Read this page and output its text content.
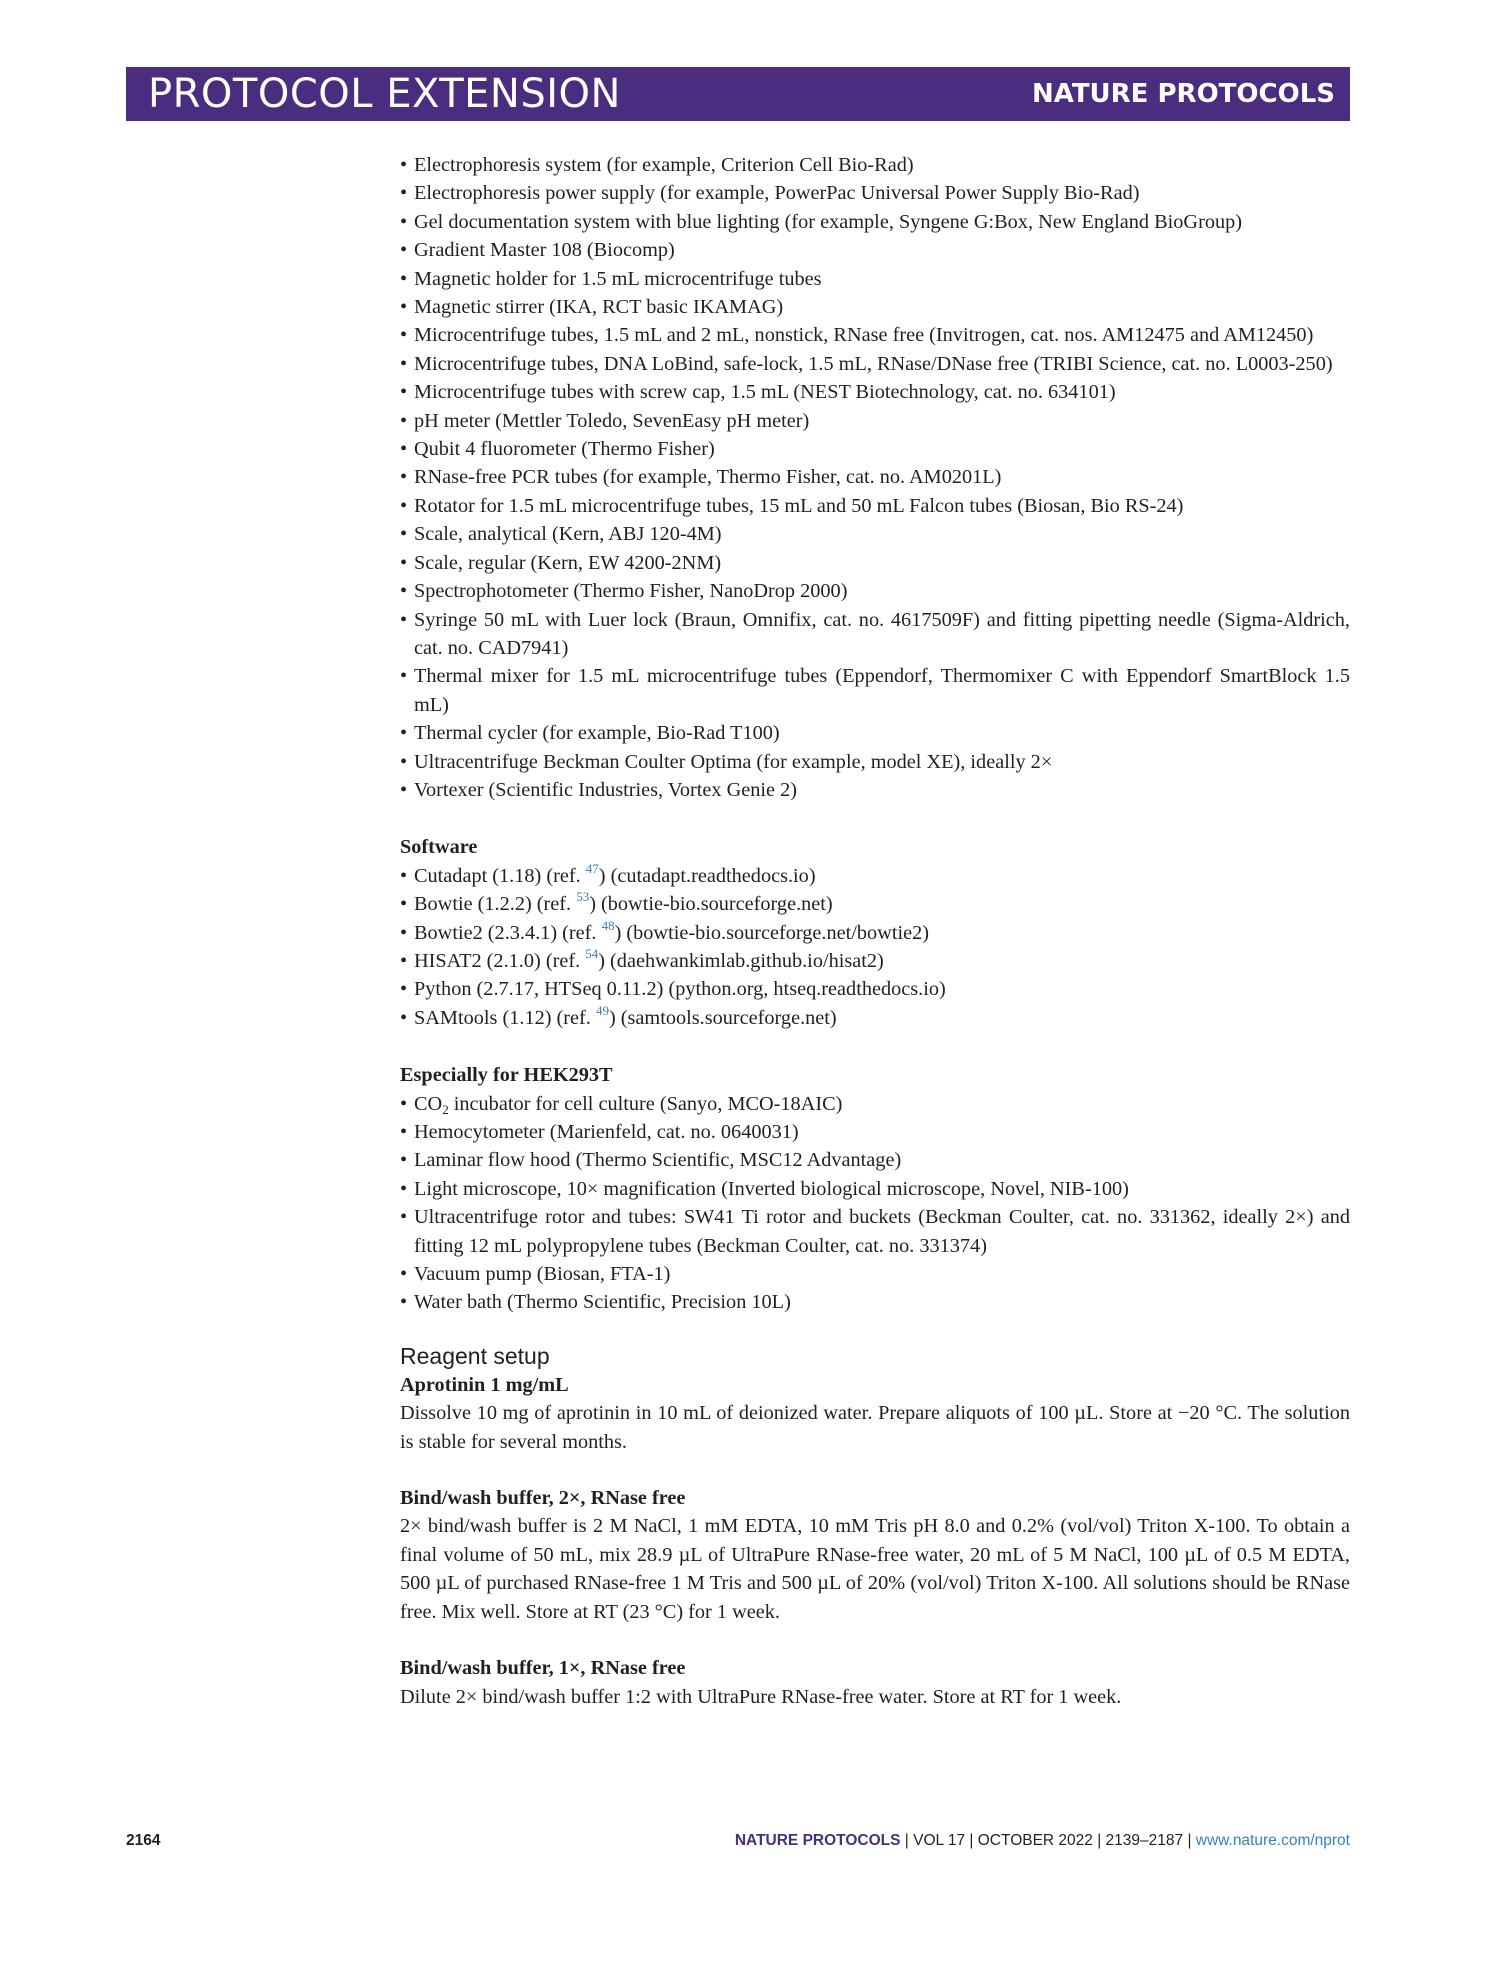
PROTOCOL EXTENSION	NATURE PROTOCOLS
• Electrophoresis system (for example, Criterion Cell Bio-Rad)
• Electrophoresis power supply (for example, PowerPac Universal Power Supply Bio-Rad)
• Gel documentation system with blue lighting (for example, Syngene G:Box, New England BioGroup)
• Gradient Master 108 (Biocomp)
• Magnetic holder for 1.5 mL microcentrifuge tubes
• Magnetic stirrer (IKA, RCT basic IKAMAG)
• Microcentrifuge tubes, 1.5 mL and 2 mL, nonstick, RNase free (Invitrogen, cat. nos. AM12475 and AM12450)
• Microcentrifuge tubes, DNA LoBind, safe-lock, 1.5 mL, RNase/DNase free (TRIBI Science, cat. no. L0003-250)
• Microcentrifuge tubes with screw cap, 1.5 mL (NEST Biotechnology, cat. no. 634101)
• pH meter (Mettler Toledo, SevenEasy pH meter)
• Qubit 4 fluorometer (Thermo Fisher)
• RNase-free PCR tubes (for example, Thermo Fisher, cat. no. AM0201L)
• Rotator for 1.5 mL microcentrifuge tubes, 15 mL and 50 mL Falcon tubes (Biosan, Bio RS-24)
• Scale, analytical (Kern, ABJ 120-4M)
• Scale, regular (Kern, EW 4200-2NM)
• Spectrophotometer (Thermo Fisher, NanoDrop 2000)
• Syringe 50 mL with Luer lock (Braun, Omnifix, cat. no. 4617509F) and fitting pipetting needle (Sigma-Aldrich, cat. no. CAD7941)
• Thermal mixer for 1.5 mL microcentrifuge tubes (Eppendorf, Thermomixer C with Eppendorf SmartBlock 1.5 mL)
• Thermal cycler (for example, Bio-Rad T100)
• Ultracentrifuge Beckman Coulter Optima (for example, model XE), ideally 2×
• Vortexer (Scientific Industries, Vortex Genie 2)
Software
• Cutadapt (1.18) (ref. $^{47}$) (cutadapt.readthedocs.io)
• Bowtie (1.2.2) (ref. $^{53}$) (bowtie-bio.sourceforge.net)
• Bowtie2 (2.3.4.1) (ref. $^{48}$) (bowtie-bio.sourceforge.net/bowtie2)
• HISAT2 (2.1.0) (ref. $^{54}$) (daehwankimlab.github.io/hisat2)
• Python (2.7.17, HTSeq 0.11.2) (python.org, htseq.readthedocs.io)
• SAMtools (1.12) (ref. $^{49}$) (samtools.sourceforge.net)
Especially for HEK293T
• $CO_2$ incubator for cell culture (Sanyo, MCO-18AIC)
• Hemocytometer (Marienfeld, cat. no. 0640031)
• Laminar flow hood (Thermo Scientific, MSC12 Advantage)
• Light microscope, 10× magnification (Inverted biological microscope, Novel, NIB-100)
• Ultracentrifuge rotor and tubes: SW41 Ti rotor and buckets (Beckman Coulter, cat. no. 331362, ideally 2×) and fitting 12 mL polypropylene tubes (Beckman Coulter, cat. no. 331374)
• Vacuum pump (Biosan, FTA-1)
• Water bath (Thermo Scientific, Precision 10L)
Reagent setup
Aprotinin 1 mg/mL
Dissolve 10 mg of aprotinin in 10 mL of deionized water. Prepare aliquots of 100 µL. Store at −20 °C. The solution is stable for several months.
Bind/wash buffer, 2×, RNase free
2× bind/wash buffer is 2 M NaCl, 1 mM EDTA, 10 mM Tris pH 8.0 and 0.2% (vol/vol) Triton X-100. To obtain a final volume of 50 mL, mix 28.9 µL of UltraPure RNase-free water, 20 mL of 5 M NaCl, 100 µL of 0.5 M EDTA, 500 µL of purchased RNase-free 1 M Tris and 500 µL of 20% (vol/vol) Triton X-100. All solutions should be RNase free. Mix well. Store at RT (23 °C) for 1 week.
Bind/wash buffer, 1×, RNase free
Dilute 2× bind/wash buffer 1:2 with UltraPure RNase-free water. Store at RT for 1 week.
2164	NATURE PROTOCOLS | VOL 17 | OCTOBER 2022 | 2139–2187 | www.nature.com/nprot
